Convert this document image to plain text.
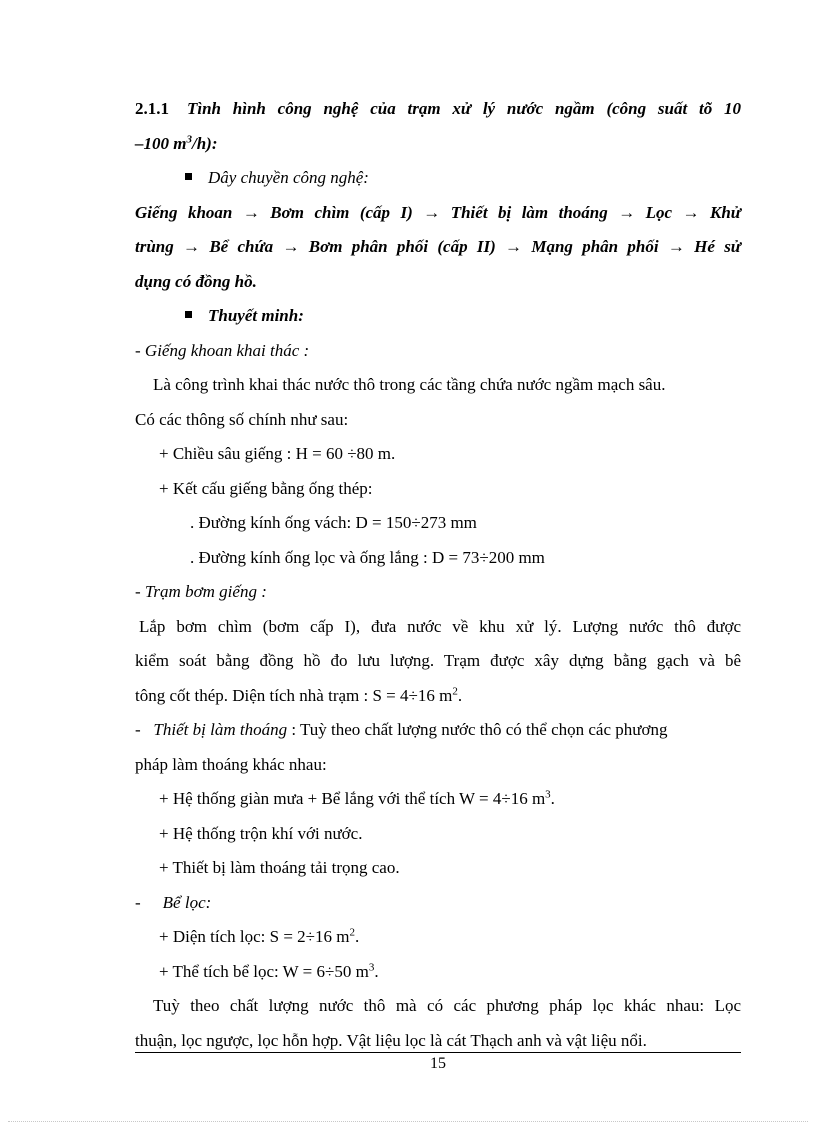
2.1.1	Tình hình công nghệ của trạm xử lý nước ngầm (công suất tõ 10
–100 $m^3/h$):
Dây chuyền công nghệ:
Giếng khoan → Bơm chìm (cấp I) → Thiết bị làm thoáng → Lọc → Khử
trùng → Bể chứa → Bơm phân phối (cấp II) → Mạng phân phối → Hé sử
dụng có đồng hồ.
Thuyết minh:
- Giếng khoan khai thác :
Là công trình khai thác nước thô trong các tầng chứa nước ngầm mạch sâu.
Có các thông số chính như sau:
+ Chiều sâu giếng : H = 60 ÷80 m.
+ Kết cấu giếng bằng ống thép:
. Đường kính ống vách: D = 150÷273 mm
. Đường kính ống lọc và ống lắng : D = 73÷200 mm
- Trạm bơm giếng :
Lắp bơm chìm (bơm cấp I), đưa nước về khu xử lý. Lượng nước thô được
kiểm soát bằng đồng hồ đo lưu lượng. Trạm được xây dựng bằng gạch và bê
tông cốt thép. Diện tích nhà trạm : S = 4÷16 $m^2$.
- Thiết bị làm thoáng : Tuỳ theo chất lượng nước thô có thể chọn các phương
pháp làm thoáng khác nhau:
+ Hệ thống giàn mưa + Bể lắng với thể tích W = 4÷16 $m^3$.
+ Hệ thống trộn khí với nước.
+ Thiết bị làm thoáng tải trọng cao.
- Bể lọc:
+ Diện tích lọc: S = 2÷16 $m^2$.
+ Thể tích bể lọc: W = 6÷50 $m^3$.
Tuỳ theo chất lượng nước thô mà có các phương pháp lọc khác nhau: Lọc
thuận, lọc ngược, lọc hỗn hợp. Vật liệu lọc là cát Thạch anh và vật liệu nổi.
15
